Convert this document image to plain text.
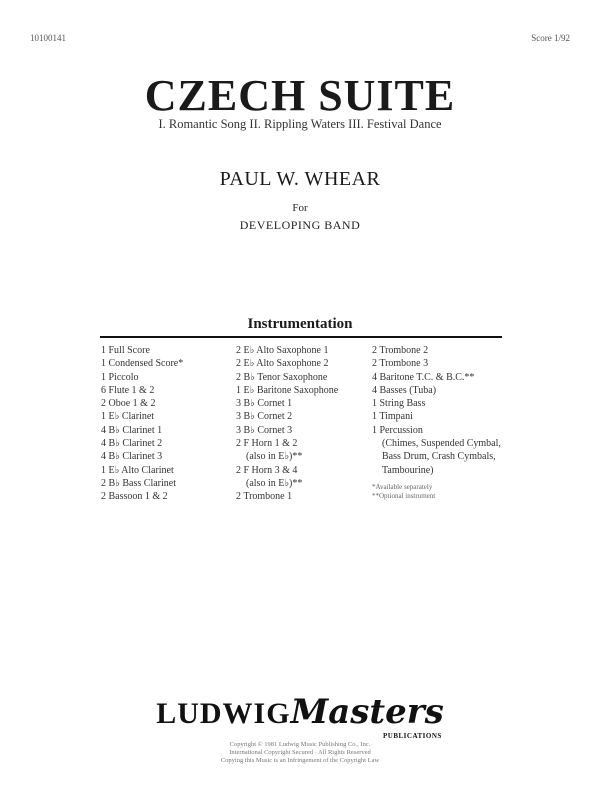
10100141	Score 1/92
CZECH SUITE
I. Romantic Song II. Rippling Waters III. Festival Dance
PAUL W. WHEAR
For
DEVELOPING BAND
Instrumentation
1 Full Score
1 Condensed Score*
1 Piccolo
6 Flute 1 & 2
2 Oboe 1 & 2
1 E♭ Clarinet
4 B♭ Clarinet 1
4 B♭ Clarinet 2
4 B♭ Clarinet 3
1 E♭ Alto Clarinet
2 B♭ Bass Clarinet
2 Bassoon 1 & 2
2 E♭ Alto Saxophone 1
2 E♭ Alto Saxophone 2
2 B♭ Tenor Saxophone
1 E♭ Baritone Saxophone
3 B♭ Cornet 1
3 B♭ Cornet 2
3 B♭ Cornet 3
2 F Horn 1 & 2
(also in E♭)**
2 F Horn 3 & 4
(also in E♭)**
2 Trombone 1
2 Trombone 2
2 Trombone 3
4 Baritone T.C. & B.C.**
4 Basses (Tuba)
1 String Bass
1 Timpani
1 Percussion
(Chimes, Suspended Cymbal,
Bass Drum, Crash Cymbals,
Tambourine)
*Available separately
**Optional instrument
LUDWIGMasters
PUBLICATIONS
Copyright © 1981 Ludwig Music Publishing Co., Inc.
International Copyright Secured · All Rights Reserved
Copying this Music is an Infringement of the Copyright Law
